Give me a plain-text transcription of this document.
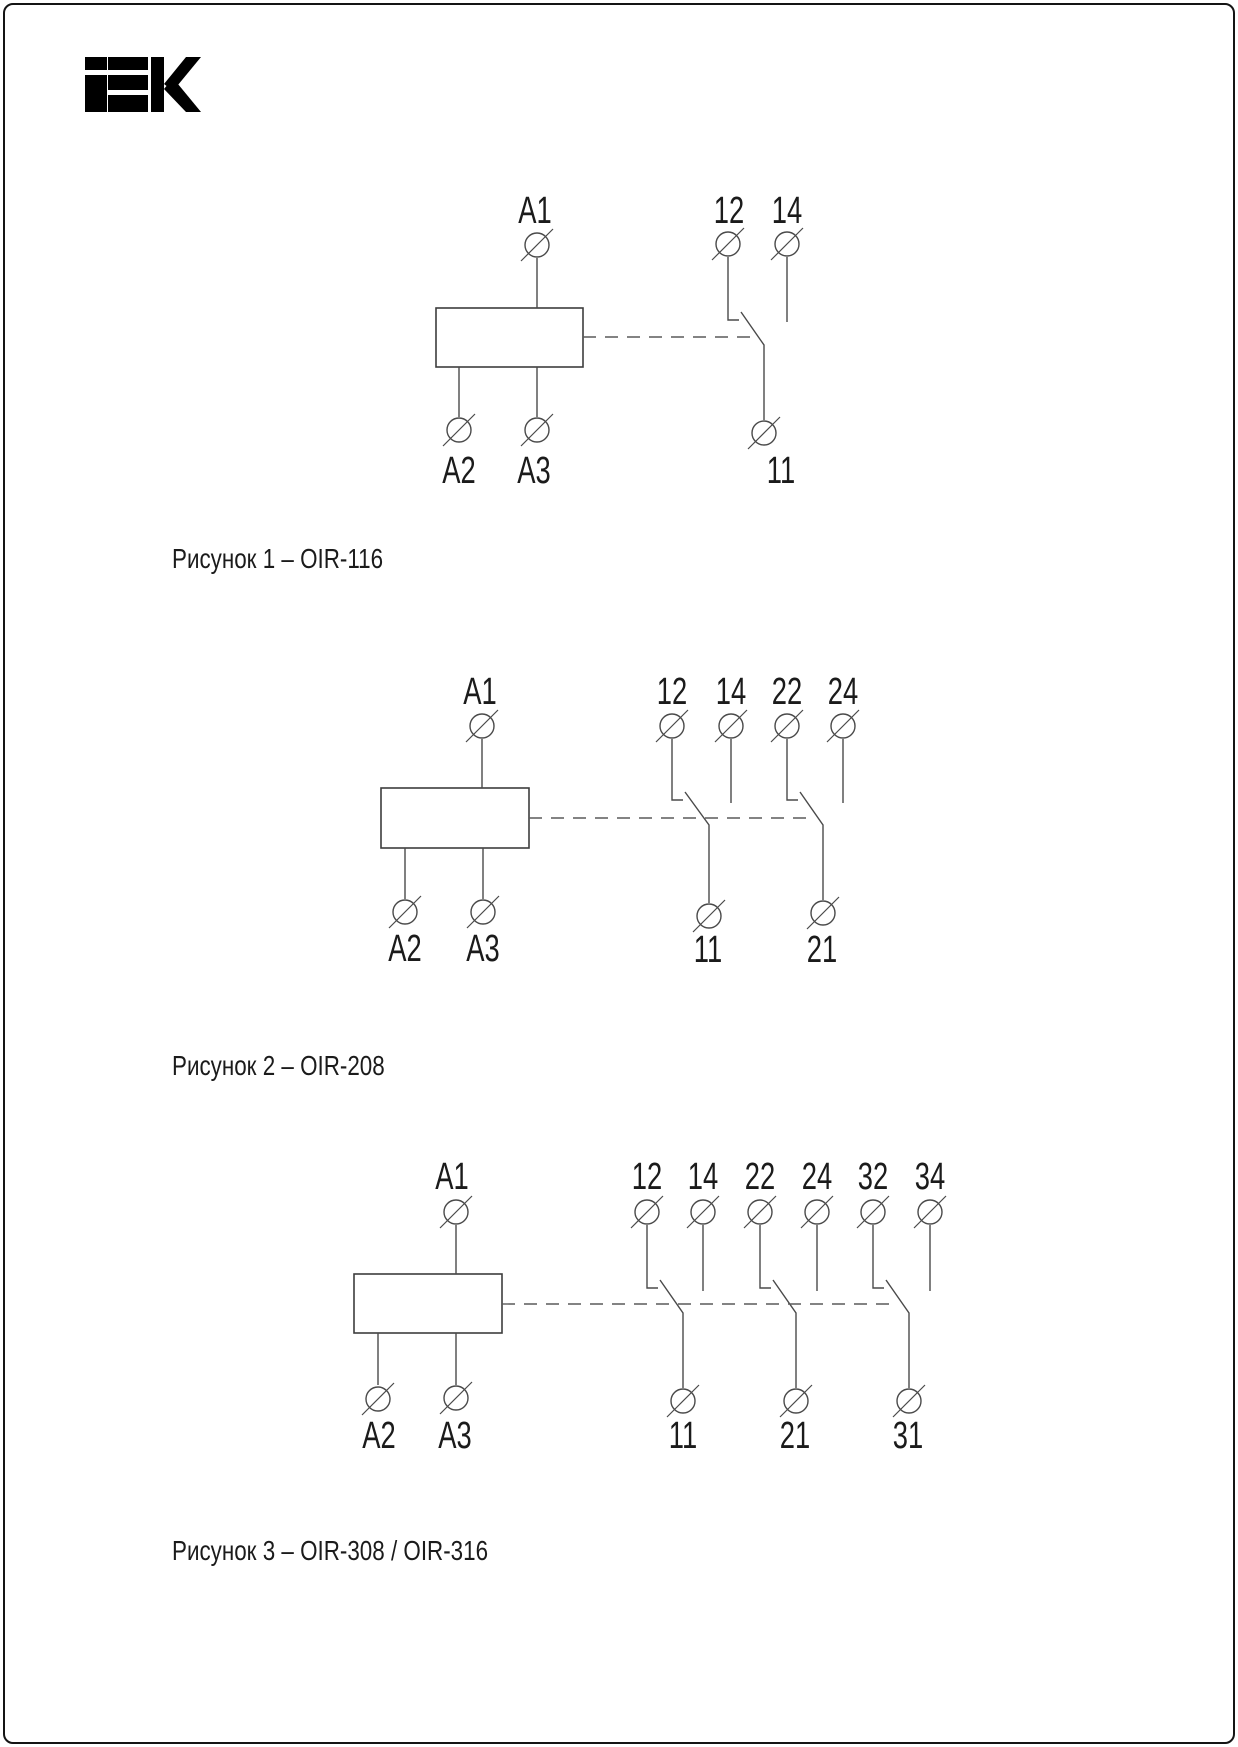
A1	12 14
A2 A3	11
Рисунок 1 – OIR-116
A1	12 14 22 24
A2 A3	11 21
Рисунок 2 – OIR-208
A1	12 14 22 24 32 34
A2 A3	11 21 31
Рисунок 3 – OIR-308 / OIR-316
